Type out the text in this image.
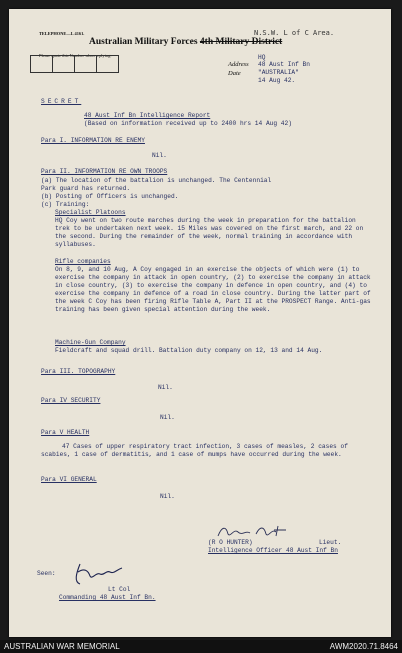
TELEPHONE—L 4161.
Please quote this Number when replying.
Australian Military Forces 4th Military District
N.S.W. L of C Area.
HQ
Address 48 Aust Inf Bn
"AUSTRALIA"
Date
14 Aug 42.
SECRET
48 Aust Inf Bn Intelligence Report
(Based on information received up to 2400 hrs 14 Aug 42)
Para I. INFORMATION RE ENEMY
Nil.
Para II. INFORMATION RE OWN TROOPS
(a) The location of the battalion is unchanged. The Centennial
Park guard has returned.
(b) Posting of Officers is unchanged.
(c) Training:
Specialist Platoons
HQ Coy went on two route marches during the week in preparation for the battalion trek to be undertaken next week. 15 Miles was covered on the first march, and 22 on the second. During the remainder of the week, normal training in accordance with syllabuses.
Rifle companies
On 8, 9, and 10 Aug, A Coy engaged in an exercise the objects of which were (1) to exercise the company in attack in open country, (2) to exercise the company in attack in close country, (3) to exercise the company in defence in open country, and (4) to exercise the company in defence of a road in close country. During the latter part of the week C Coy has been firing Rifle Table A, Part II at the PROSPECT Range. Anti-gas training has been given special attention during the week.
Machine-Gun Company
Fieldcraft and squad drill. Battalion duty company on 12, 13 and 14 Aug.
Para III. TOPOGRAPHY
Nil.
Para IV SECURITY
Nil.
Para V HEALTH
47 Cases of upper respiratory tract infection, 3 cases of measles, 2 cases of scabies, 1 case of dermatitis, and 1 case of mumps have occurred during the week.
Para VI GENERAL
Nil.
(R O HUNTER)	Lieut.
Intelligence Officer 48 Aust Inf Bn
Seen:
Lt Col
Commanding 48 Aust Inf Bn.
AUSTRALIAN WAR MEMORIAL	AWM2020.71.8464
